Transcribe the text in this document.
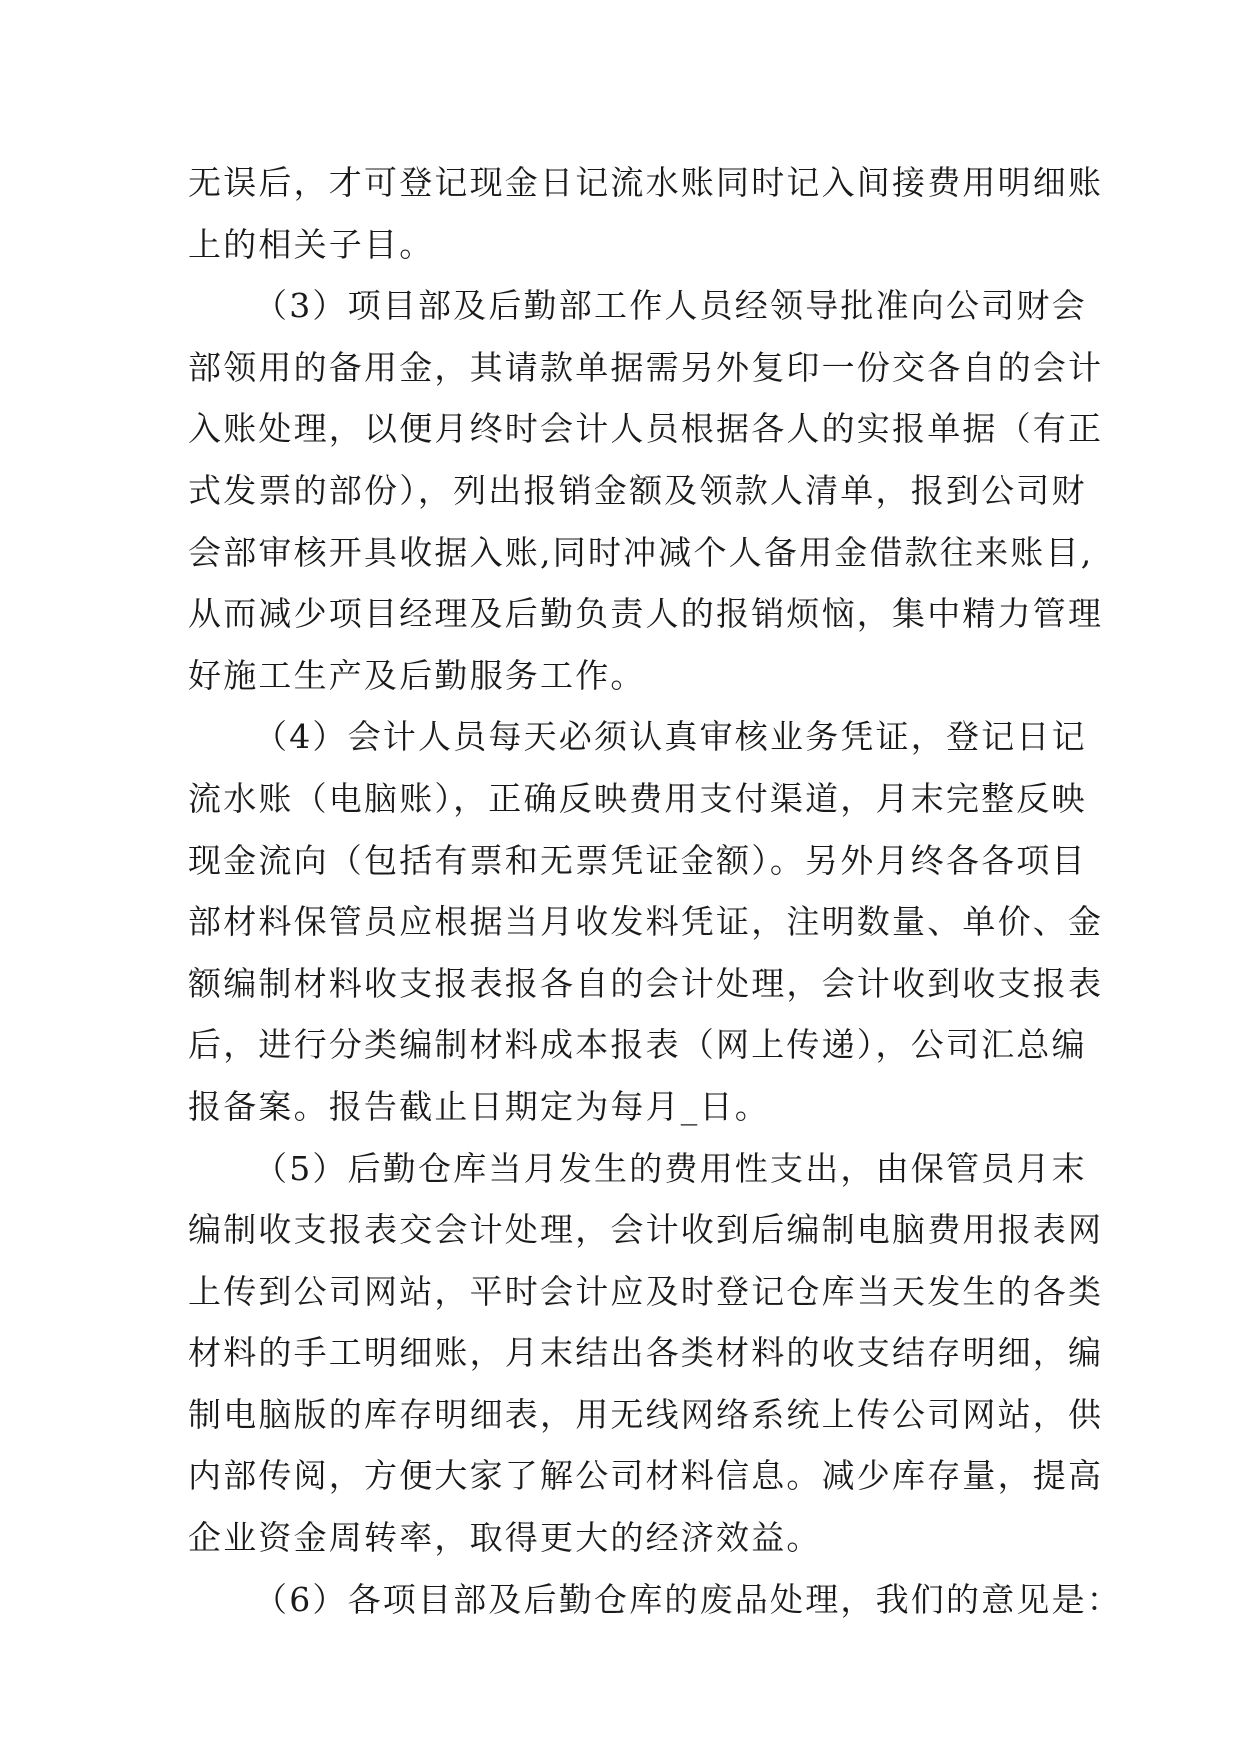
无误后，才可登记现金日记流水账同时记入间接费用明细账
上的相关子目。
（3）项目部及后勤部工作人员经领导批准向公司财会
部领用的备用金，其请款单据需另外复印一份交各自的会计
入账处理，以便月终时会计人员根据各人的实报单据（有正
式发票的部份），列出报销金额及领款人清单，报到公司财
会部审核开具收据入账,同时冲减个人备用金借款往来账目,
从而减少项目经理及后勤负责人的报销烦恼，集中精力管理
好施工生产及后勤服务工作。
（4）会计人员每天必须认真审核业务凭证，登记日记
流水账（电脑账），正确反映费用支付渠道，月末完整反映
现金流向（包括有票和无票凭证金额）。另外月终各各项目
部材料保管员应根据当月收发料凭证，注明数量、单价、金
额编制材料收支报表报各自的会计处理，会计收到收支报表
后，进行分类编制材料成本报表（网上传递），公司汇总编
报备案。报告截止日期定为每月_日。
（5）后勤仓库当月发生的费用性支出，由保管员月末
编制收支报表交会计处理，会计收到后编制电脑费用报表网
上传到公司网站，平时会计应及时登记仓库当天发生的各类
材料的手工明细账，月末结出各类材料的收支结存明细，编
制电脑版的库存明细表，用无线网络系统上传公司网站，供
内部传阅，方便大家了解公司材料信息。减少库存量，提高
企业资金周转率，取得更大的经济效益。
（6）各项目部及后勤仓库的废品处理，我们的意见是：
